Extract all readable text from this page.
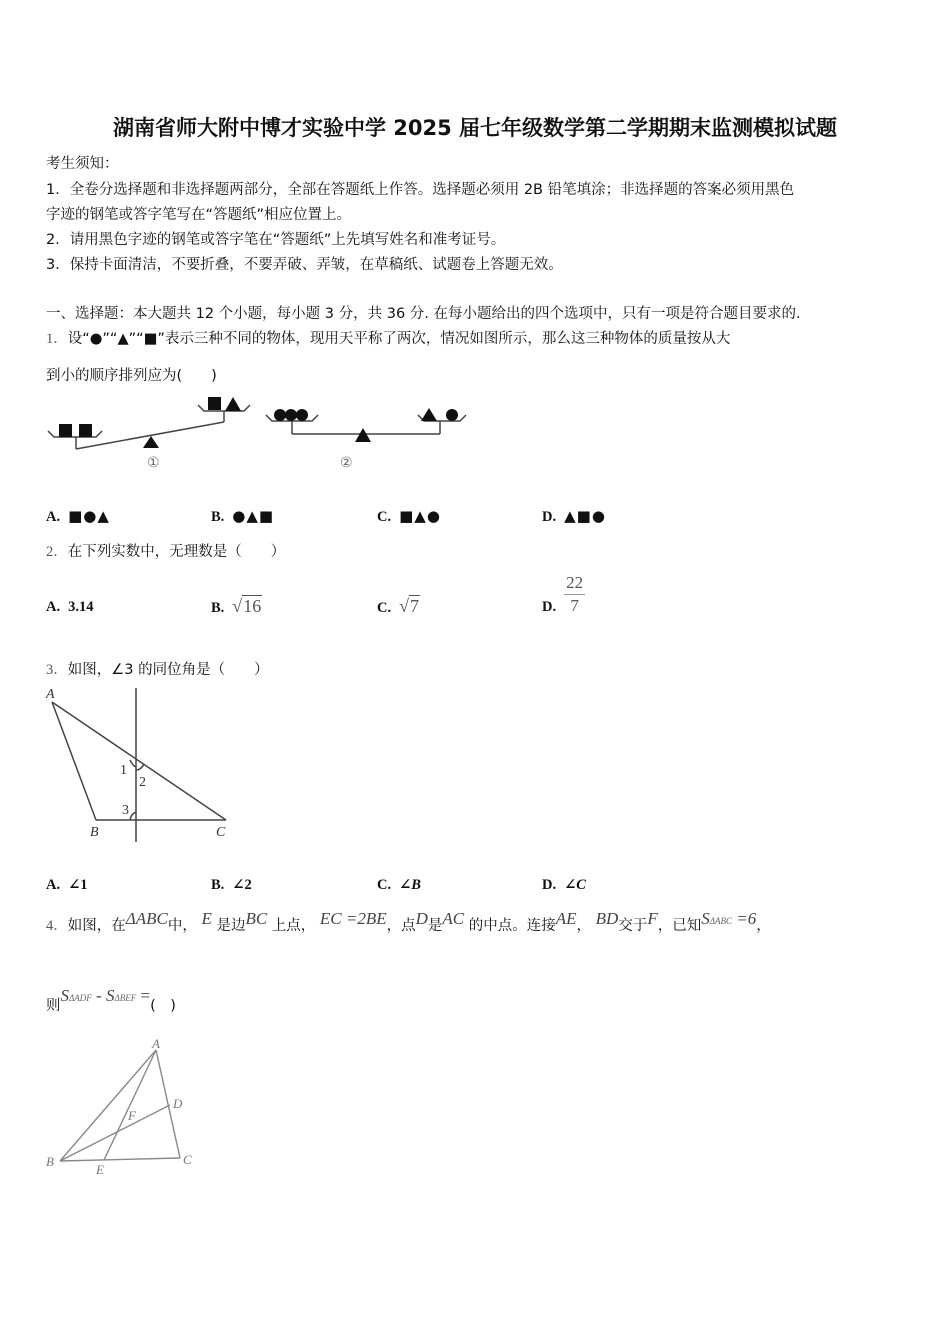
湖南省师大附中博才实验中学 2025 届七年级数学第二学期期末监测模拟试题
考生须知：
1．全卷分选择题和非选择题两部分，全部在答题纸上作答。选择题必须用 2B 铅笔填涂；非选择题的答案必须用黑色
字迹的钢笔或答字笔写在“答题纸”相应位置上。
2．请用黑色字迹的钢笔或答字笔在“答题纸”上先填写姓名和准考证号。
3．保持卡面清洁，不要折叠，不要弄破、弄皱，在草稿纸、试题卷上答题无效。
一、选择题：本大题共 12 个小题，每小题 3 分，共 36 分. 在每小题给出的四个选项中，只有一项是符合题目要求的.
1．设“●”“▲”“■”表示三种不同的物体，现用天平称了两次，情况如图所示，那么这三种物体的质量按从大
到小的顺序排列应为(　　)
①	②
A. ■●▲	B. ●▲■	C. ■▲●	D. ▲■●
2．在下列实数中，无理数是（　　）
A. 3.14	B. √16	C. √7	D. $\frac{22}{7}$
3．如图，∠3 的同位角是（　　）
A
B	C
1
2
3
A. ∠1	B. ∠2	C. ∠B	D. ∠C
4．如图，在ΔABC中， E 是边BC 上点， EC =2BE，点D是AC 的中点。连接AE， BD交于F，已知SΔABC =6，
则SΔADF - SΔBEF =(　)
A
B	C
D
E
F
